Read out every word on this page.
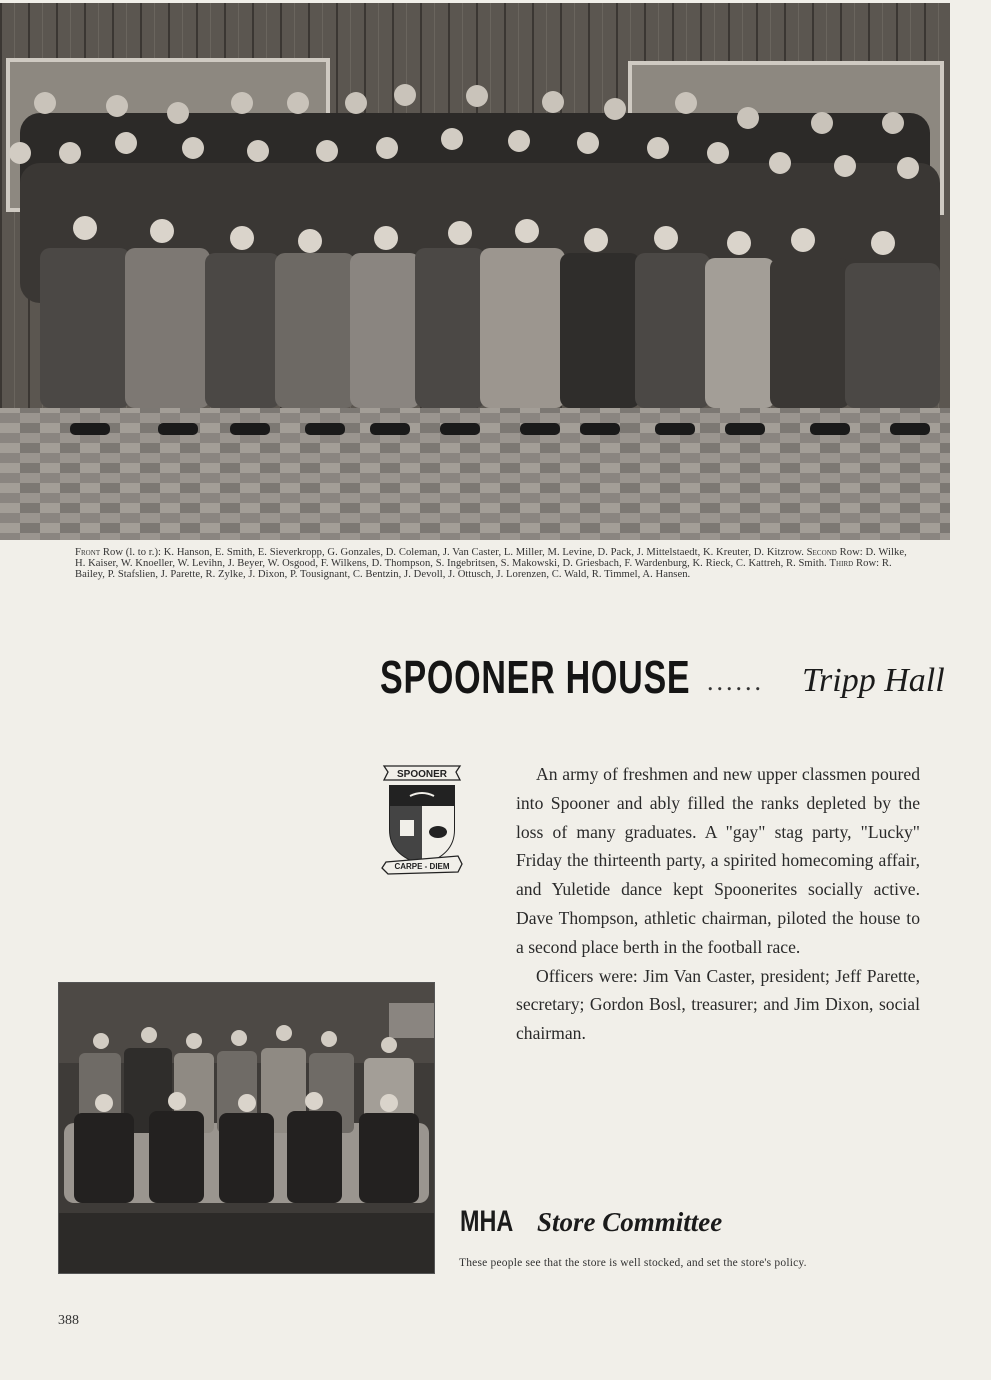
Front Row (l. to r.): K. Hanson, E. Smith, E. Sieverkropp, G. Gonzales, D. Coleman, J. Van Caster, L. Miller, M. Levine, D. Pack, J. Mittelstaedt, K. Kreuter, D. Kitzrow. Second Row: D. Wilke, H. Kaiser, W. Knoeller, W. Levihn, J. Beyer, W. Osgood, F. Wilkens, D. Thompson, S. Ingebritsen, S. Makowski, D. Griesbach, F. Wardenburg, K. Rieck, C. Kattreh, R. Smith. Third Row: R. Bailey, P. Stafslien, J. Parette, R. Zylke, J. Dixon, P. Tousignant, C. Bentzin, J. Devoll, J. Ottusch, J. Lorenzen, C. Wald, R. Timmel, A. Hansen.
SPOONER HOUSE ...... Tripp Hall
SPOONER
CARPE - DIEM

An army of freshmen and new upper classmen poured into Spooner and ably filled the ranks depleted by the loss of many graduates. A "gay" stag party, "Lucky" Friday the thirteenth party, a spirited homecoming affair, and Yuletide dance kept Spoonerites socially active. Dave Thompson, athletic chairman, piloted the house to a second place berth in the football race.

Officers were: Jim Van Caster, president; Jeff Parette, secretary; Gordon Bosl, treasurer; and Jim Dixon, social chairman.

MHA Store Committee
These people see that the store is well stocked, and set the store's policy.
388
